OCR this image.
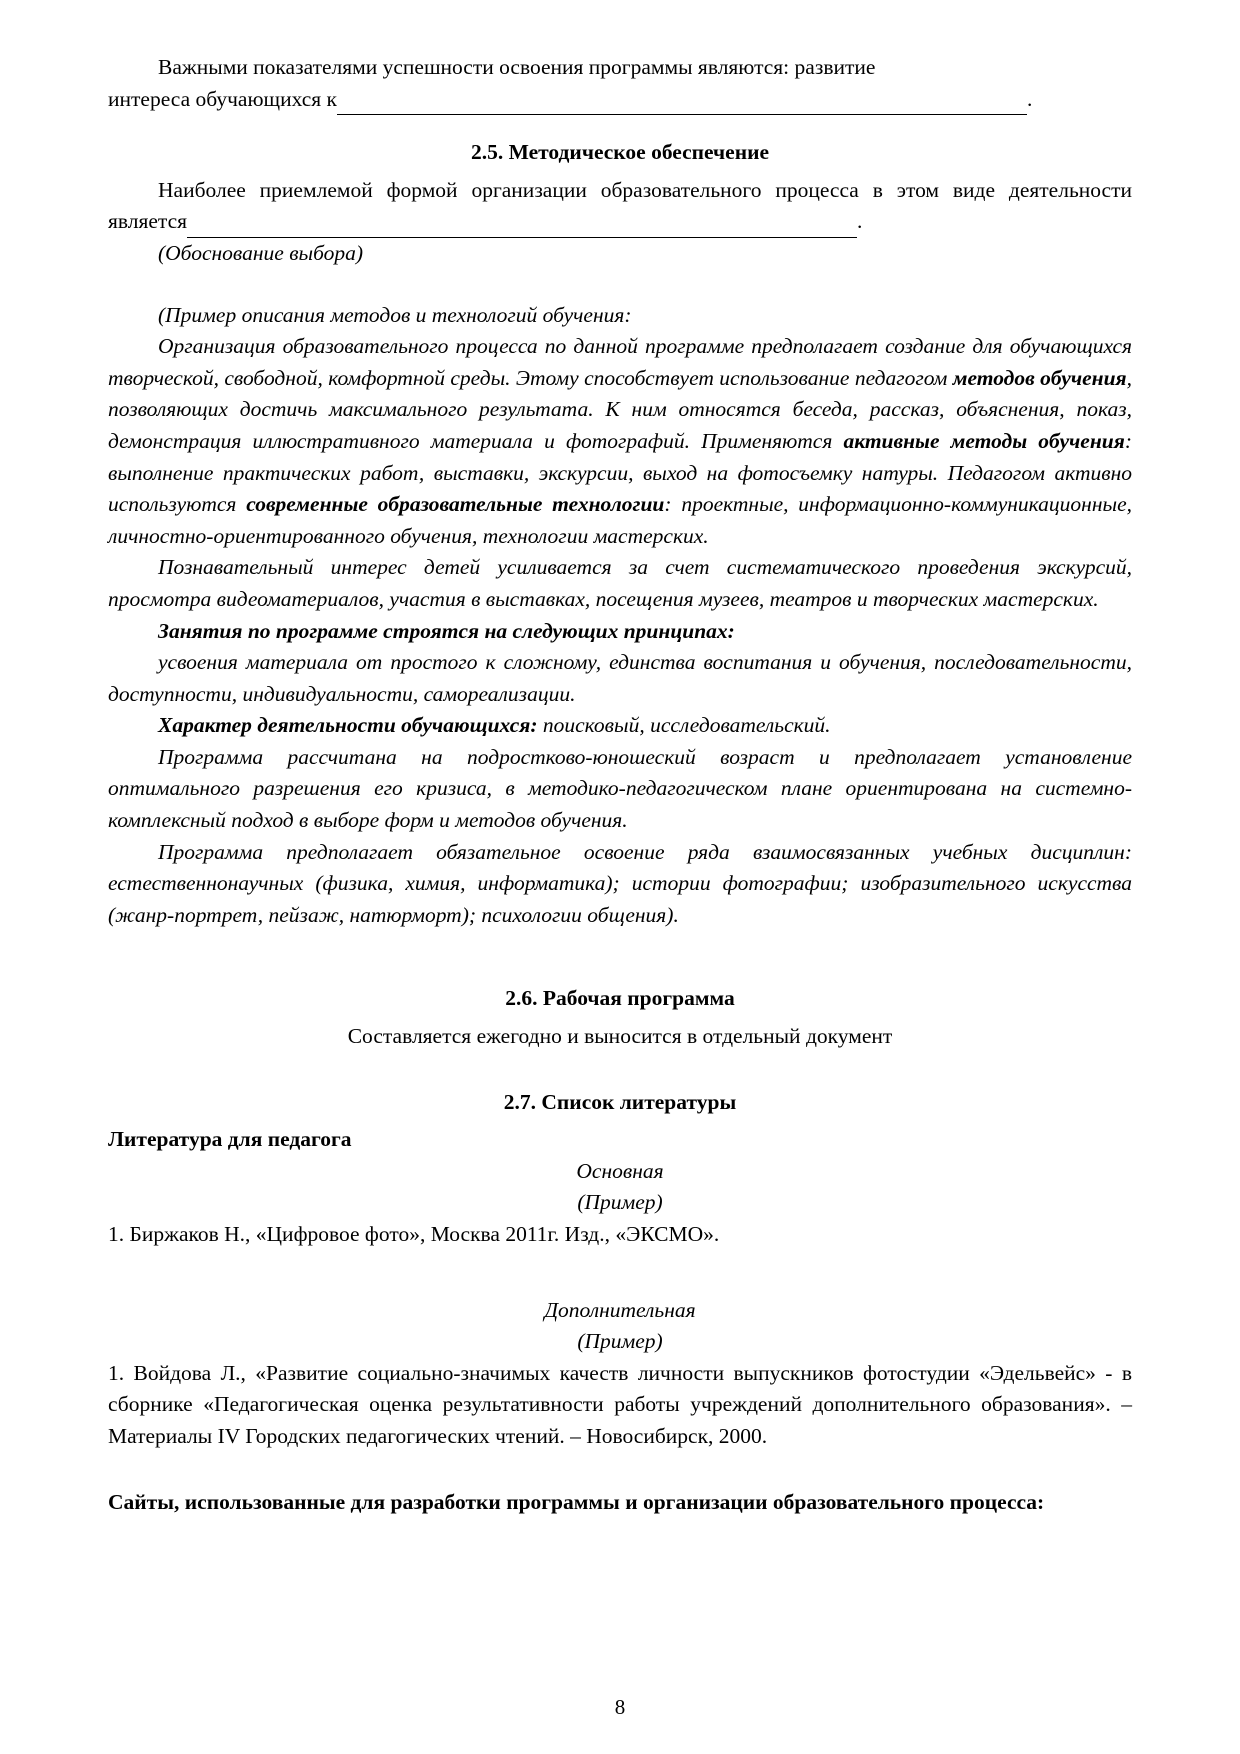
Важными показателями успешности освоения программы являются: развитие

интереса обучающихся к	.

2.5. Методическое обеспечение

Наиболее приемлемой формой организации образовательного процесса в этом виде деятельности является	.

(Обоснование выбора)

(Пример описания методов и технологий обучения:

Организация образовательного процесса по данной программе предполагает создание для обучающихся творческой, свободной, комфортной среды. Этому способствует использование педагогом методов обучения, позволяющих достичь максимального результата. К ним относятся беседа, рассказ, объяснения, показ, демонстрация иллюстративного материала и фотографий. Применяются активные методы обучения: выполнение практических работ, выставки, экскурсии, выход на фотосъемку натуры. Педагогом активно используются современные образовательные технологии: проектные, информационно-коммуникационные, личностно-ориентированного обучения, технологии мастерских.

Познавательный интерес детей усиливается за счет систематического проведения экскурсий, просмотра видеоматериалов, участия в выставках, посещения музеев, театров и творческих мастерских.

Занятия по программе строятся на следующих принципах:

усвоения материала от простого к сложному, единства воспитания и обучения, последовательности, доступности, индивидуальности, самореализации.

Характер деятельности обучающихся: поисковый, исследовательский.

Программа рассчитана на подростково-юношеский возраст и предполагает установление оптимального разрешения его кризиса, в методико-педагогическом плане ориентирована на системно-комплексный подход в выборе форм и методов обучения.

Программа предполагает обязательное освоение ряда взаимосвязанных учебных дисциплин: естественнонаучных (физика, химия, информатика); истории фотографии; изобразительного искусства (жанр-портрет, пейзаж, натюрморт); психологии общения).

2.6. Рабочая программа

Составляется ежегодно и выносится в отдельный документ

2.7. Список литературы

Литература для педагога

Основная

(Пример)

1. Биржаков Н., «Цифровое фото», Москва 2011г. Изд., «ЭКСМО».

Дополнительная

(Пример)

1. Войдова Л., «Развитие социально-значимых качеств личности выпускников фотостудии «Эдельвейс» - в сборнике «Педагогическая оценка результативности работы учреждений дополнительного образования». – Материалы IV Городских педагогических чтений. – Новосибирск, 2000.

Сайты, использованные для разработки программы и организации образовательного процесса:

8
